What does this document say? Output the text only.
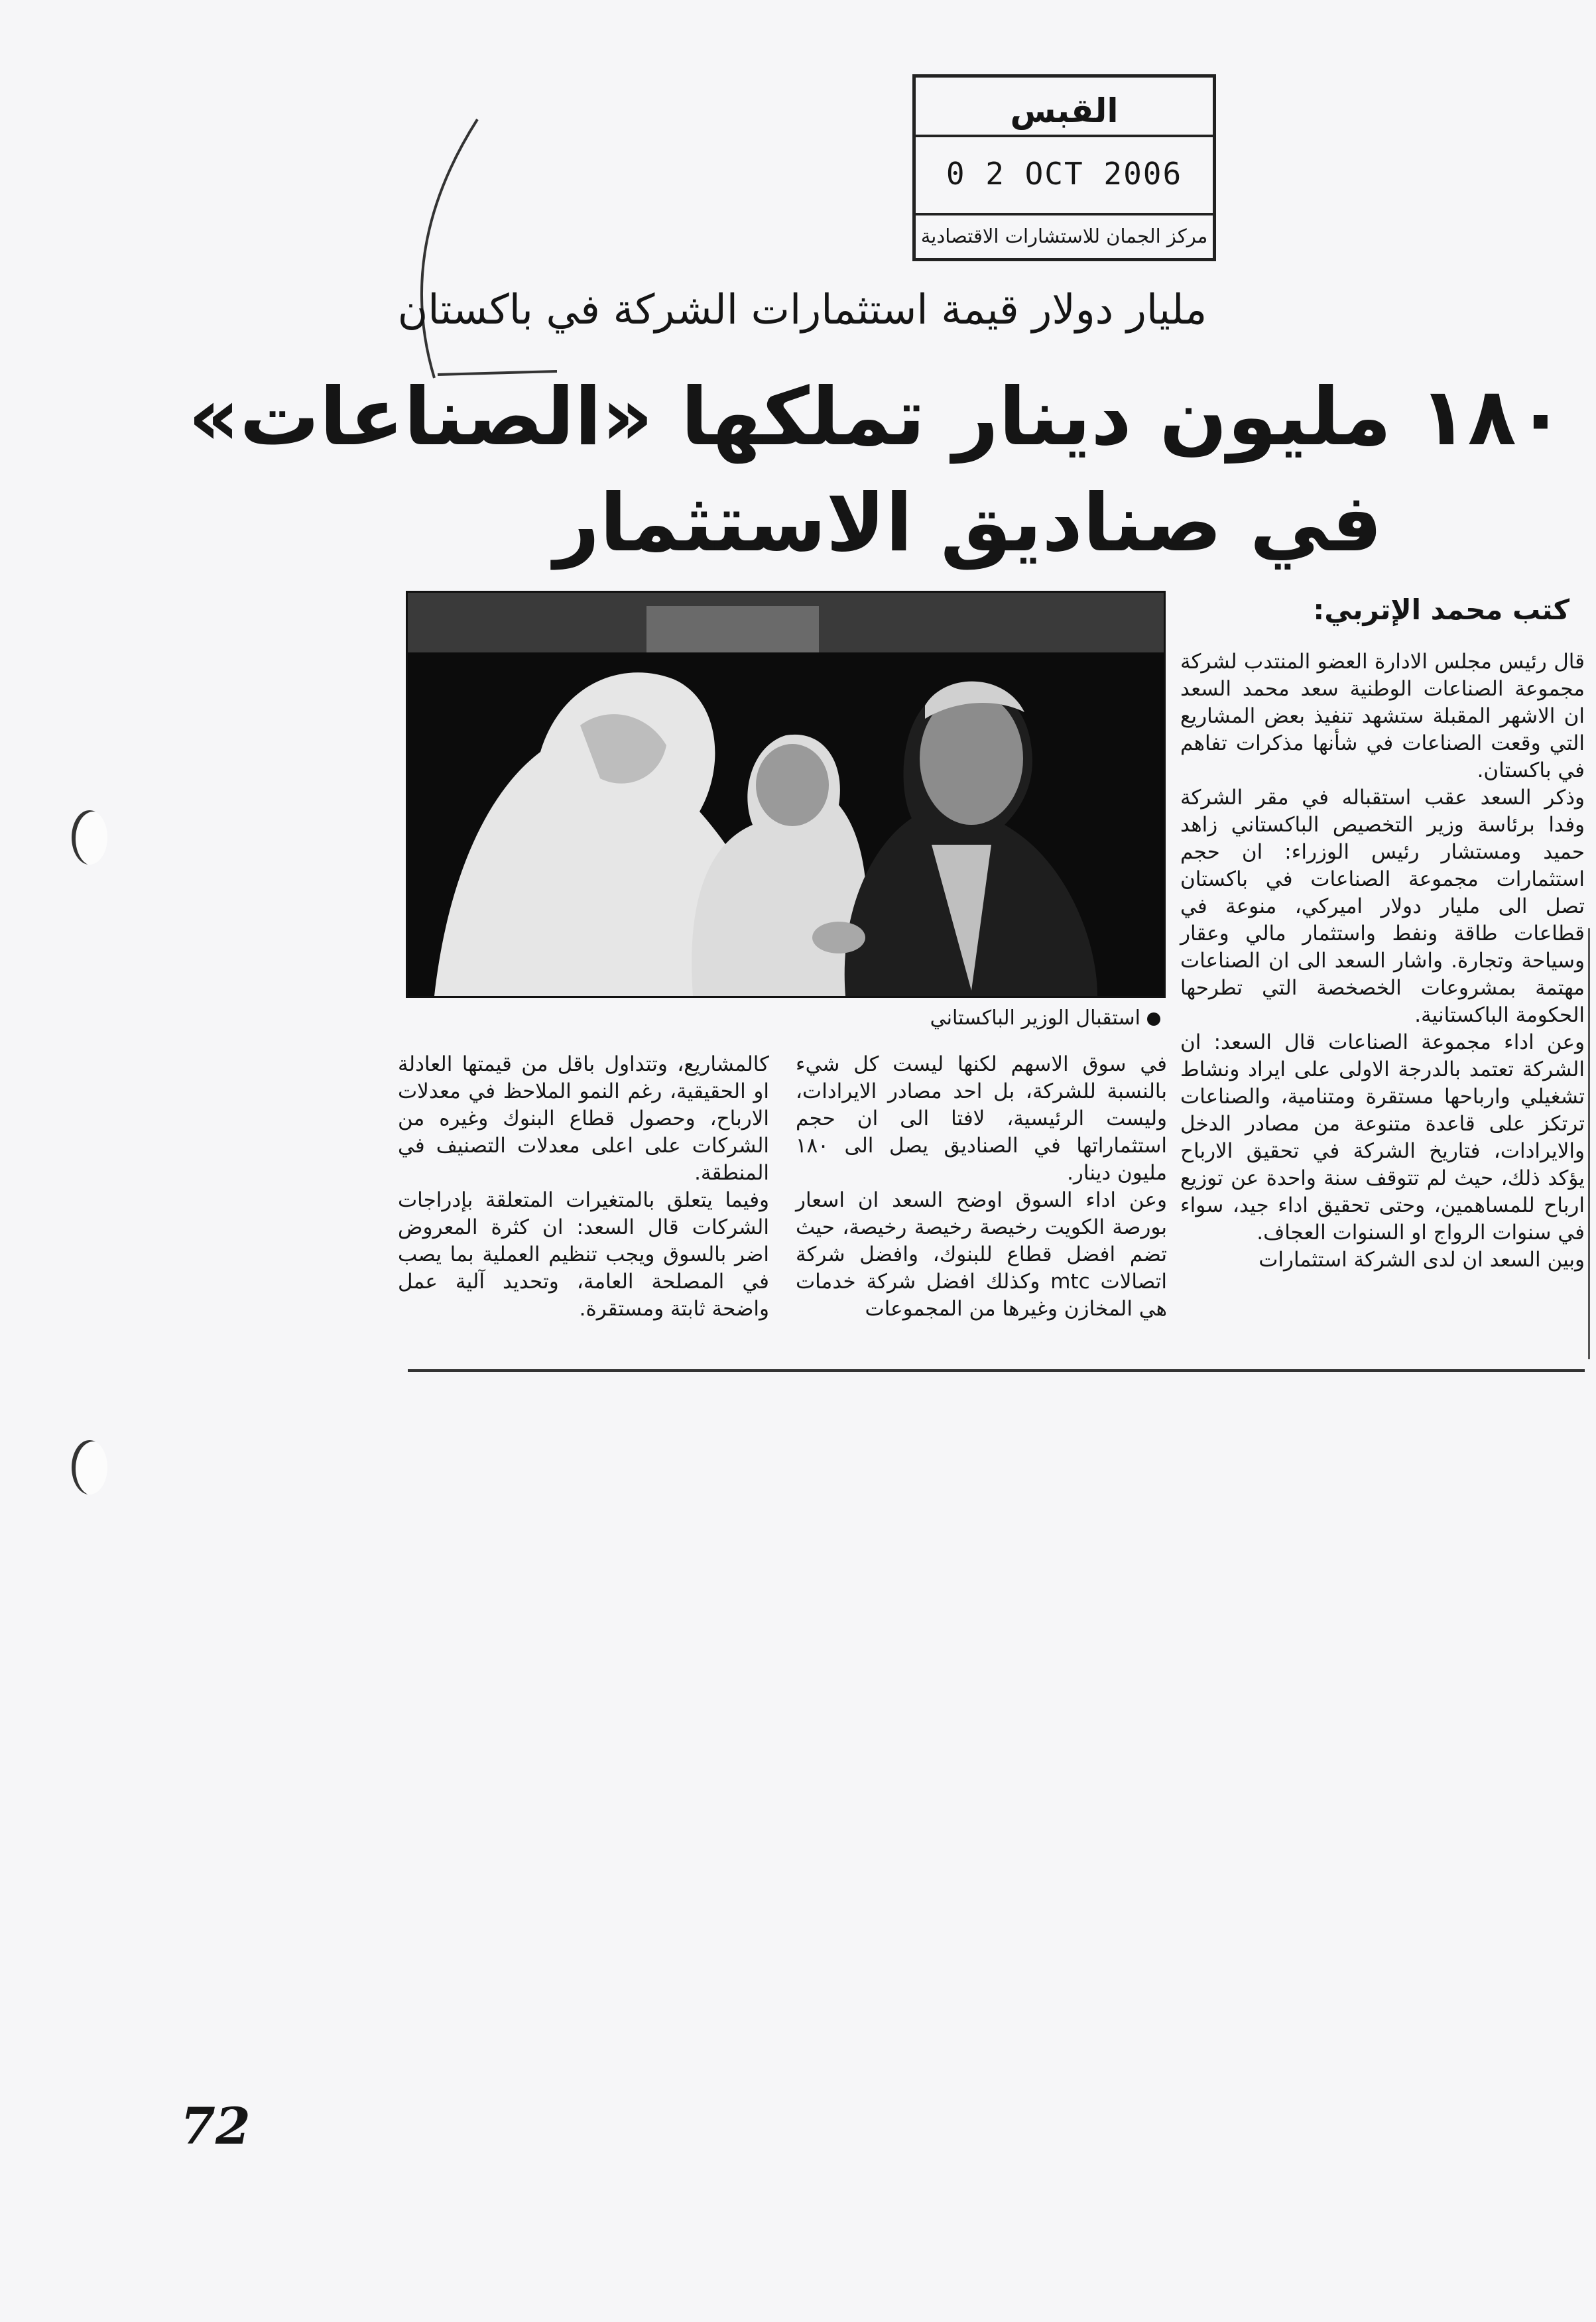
القبس
0 2 OCT 2006
مركز الجمان للاستشارات الاقتصادية
مليار دولار قيمة استثمارات الشركة في باكستان
١٨٠ مليون دينار تملكها «الصناعات»
في صناديق الاستثمار
كتب محمد الإتربي:
استقبال الوزير الباكستاني

قال رئيس مجلس الادارة العضو المنتدب لشركة مجموعة الصناعات الوطنية سعد محمد السعد ان الاشهر المقبلة ستشهد تنفيذ بعض المشاريع التي وقعت الصناعات في شأنها مذكرات تفاهم في باكستان.

وذكر السعد عقب استقباله في مقر الشركة وفدا برئاسة وزير التخصيص الباكستاني زاهد حميد ومستشار رئيس الوزراء: ان حجم استثمارات مجموعة الصناعات في باكستان تصل الى مليار دولار اميركي، منوعة في قطاعات طاقة ونفط واستثمار مالي وعقار وسياحة وتجارة. واشار السعد الى ان الصناعات مهتمة بمشروعات الخصخصة التي تطرحها الحكومة الباكستانية.

وعن اداء مجموعة الصناعات قال السعد: ان الشركة تعتمد بالدرجة الاولى على ايراد ونشاط تشغيلي وارباحها مستقرة ومتنامية، والصناعات ترتكز على قاعدة متنوعة من مصادر الدخل والايرادات، فتاريخ الشركة في تحقيق الارباح يؤكد ذلك، حيث لم تتوقف سنة واحدة عن توزيع ارباح للمساهمين، وحتى تحقيق اداء جيد، سواء في سنوات الرواج او السنوات العجاف.

وبين السعد ان لدى الشركة استثمارات

في سوق الاسهم لكنها ليست كل شيء بالنسبة للشركة، بل احد مصادر الايرادات، وليست الرئيسية، لافتا الى ان حجم استثماراتها في الصناديق يصل الى ١٨٠ مليون دينار.

وعن اداء السوق اوضح السعد ان اسعار بورصة الكويت رخيصة رخيصة رخيصة، حيث تضم افضل قطاع للبنوك، وافضل شركة اتصالات mtc وكذلك افضل شركة خدمات هي المخازن وغيرها من المجموعات

كالمشاريع، وتتداول باقل من قيمتها العادلة او الحقيقية، رغم النمو الملاحظ في معدلات الارباح، وحصول قطاع البنوك وغيره من الشركات على اعلى معدلات التصنيف في المنطقة.

وفيما يتعلق بالمتغيرات المتعلقة بإدراجات الشركات قال السعد: ان كثرة المعروض اضر بالسوق ويجب تنظيم العملية بما يصب في المصلحة العامة، وتحديد آلية عمل واضحة ثابتة ومستقرة.

72
